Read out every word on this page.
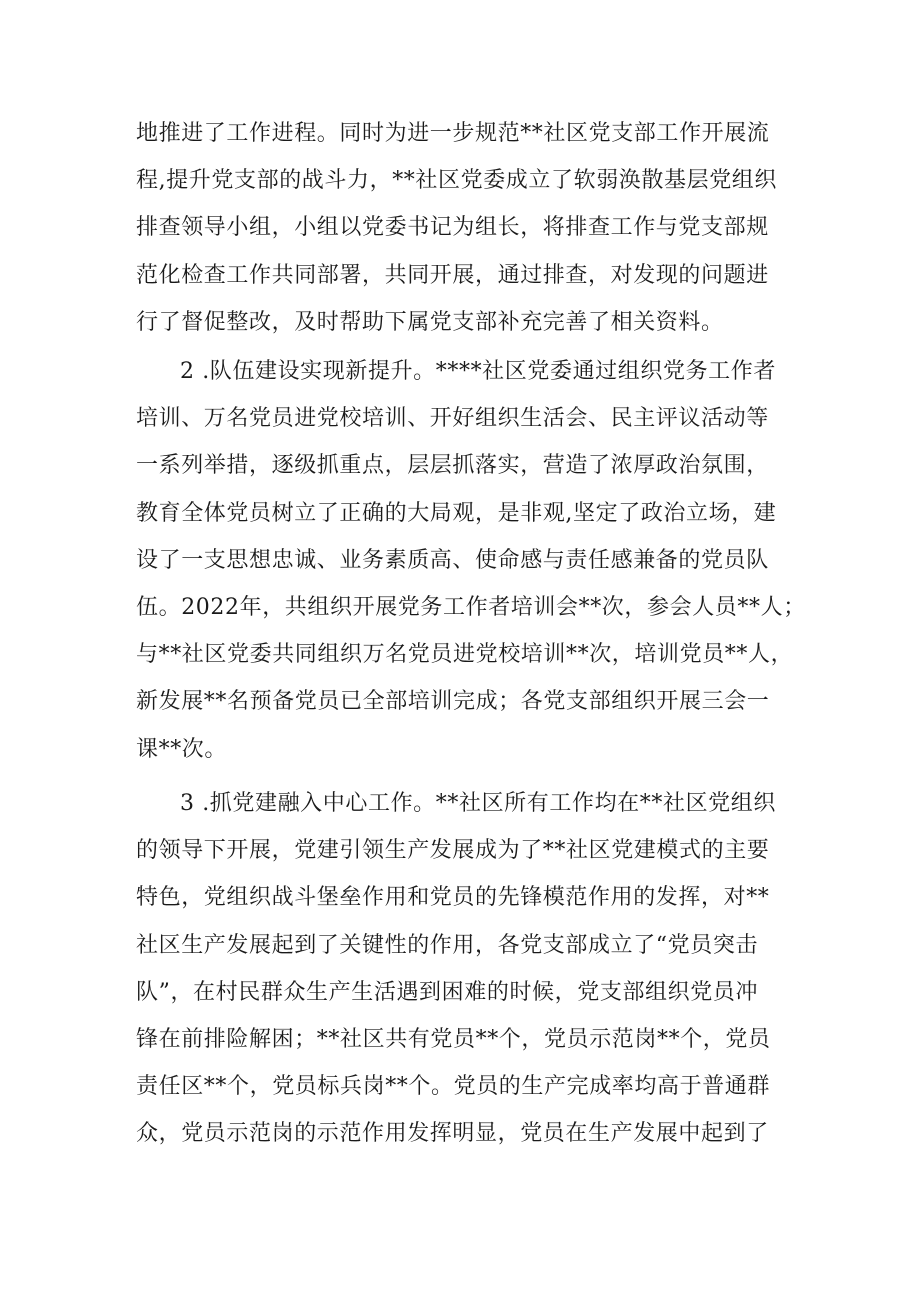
地推进了工作进程。同时为进一步规范**社区党支部工作开展流
程,提升党支部的战斗力，**社区党委成立了软弱涣散基层党组织
排查领导小组，小组以党委书记为组长，将排查工作与党支部规
范化检查工作共同部署，共同开展，通过排查，对发现的问题进
行了督促整改，及时帮助下属党支部补充完善了相关资料。

2 .队伍建设实现新提升。****社区党委通过组织党务工作者
培训、万名党员进党校培训、开好组织生活会、民主评议活动等
一系列举措，逐级抓重点，层层抓落实，营造了浓厚政治氛围，
教育全体党员树立了正确的大局观，是非观,坚定了政治立场，建
设了一支思想忠诚、业务素质高、使命感与责任感兼备的党员队
伍。2022年，共组织开展党务工作者培训会**次，参会人员**人；
与**社区党委共同组织万名党员进党校培训**次，培训党员**人，
新发展**名预备党员已全部培训完成；各党支部组织开展三会一
课**次。

3 .抓党建融入中心工作。**社区所有工作均在**社区党组织
的领导下开展，党建引领生产发展成为了**社区党建模式的主要
特色，党组织战斗堡垒作用和党员的先锋模范作用的发挥，对**
社区生产发展起到了关键性的作用，各党支部成立了“党员突击
队”，在村民群众生产生活遇到困难的时候，党支部组织党员冲
锋在前排险解困；**社区共有党员**个，党员示范岗**个，党员
责任区**个，党员标兵岗**个。党员的生产完成率均高于普通群
众，党员示范岗的示范作用发挥明显，党员在生产发展中起到了
